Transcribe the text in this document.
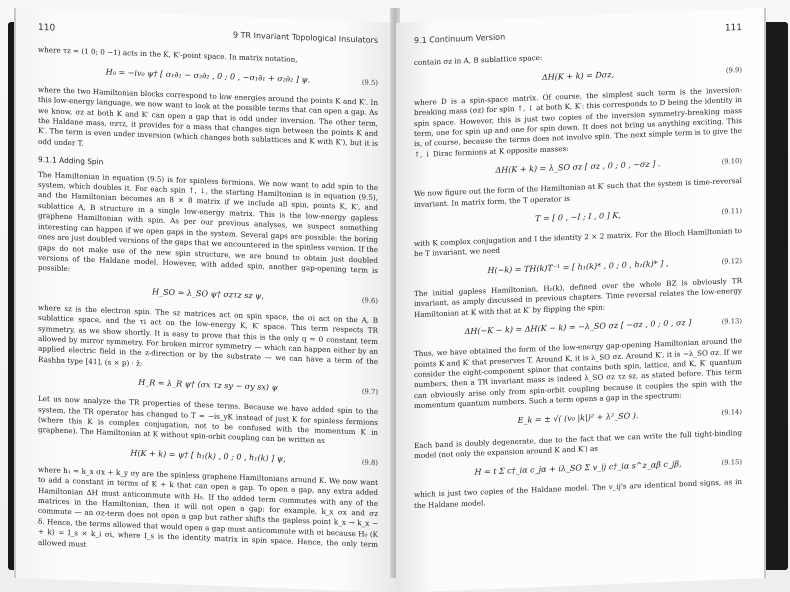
110
9 TR Invariant Topological Insulators

where τz = (1 0; 0 −1) acts in the K, K′-point space. In matrix notation,

H₀ = −iv₀ ψ† [ σ₁∂₁ − σ₂∂₂ , 0 ; 0 , −σ₁∂₁ + σ₂∂₂ ] ψ.	(9.5)

where the two Hamiltonian blocks correspond to low energies around the points K and K′. In this low-energy language, we now want to look at the possible terms that can open a gap. As we know, σz at both K and K′ can open a gap that is odd under inversion. The other term, the Haldane mass, σzτz, it provides for a mass that changes sign between the points K and K′. The term is even under inversion (which changes both sublattices and K with K′), but it is odd under T.

9.1.1 Adding Spin

The Hamiltonian in equation (9.5) is for spinless fermions. We now want to add spin to the system, which doubles it. For each spin ↑, ↓, the starting Hamiltonian is in equation (9.5), and the Hamiltonian becomes an 8 × 8 matrix if we include all spin, points K, K′, and sublattice A, B structure in a single low-energy matrix. This is the low-energy gapless graphene Hamiltonian with spin. As per our previous analyses, we suspect something interesting can happen if we open gaps in the system. Several gaps are possible: the boring ones are just doubled versions of the gaps that we encountered in the spinless version. If the gaps do not make use of the new spin structure, we are bound to obtain just doubled versions of the Haldane model. However, with added spin, another gap-opening term is possible:

H_SO = λ_SO ψ† σzτz sz ψ,
(9.6)

where sz is the electron spin. The sz matrices act on spin space, the σi act on the A, B sublattice space, and the τi act on the low-energy K, K′ space. This term respects TR symmetry, as we show shortly. It is easy to prove that this is the only q = 0 constant term allowed by mirror symmetry. For broken mirror symmetry — which can happen either by an applied electric field in the z-direction or by the substrate — we can have a term of the Rashba type [41], (s × p) · ẑ:

H_R = λ_R ψ† (σx τz sy − σy sx) ψ	(9.7)

Let us now analyze the TR properties of these terms. Because we have added spin to the system, the TR operator has changed to T = −is_yK instead of just K for spinless fermions (where this K is complex conjugation, not to be confused with the momentum K in graphene). The Hamiltonian at K without spin-orbit coupling can be written as

H(K + k) = ψ† [ h₁(k) , 0 ; 0 , h₁(k) ] ψ,	(9.8)

where h₁ = k_x σx + k_y σy are the spinless graphene Hamiltonians around K. We now want to add a constant in terms of K + k that can open a gap. To open a gap, any extra added Hamiltonian ΔH must anticommute with H₀. If the added term commutes with any of the matrices in the Hamiltonian, then it will not open a gap: for example, k_x σx and σz commute — an σz-term does not open a gap but rather shifts the gapless point k_x → k_x − δ. Hence, the terms allowed that would open a gap must anticommute with σi because H₀ (K + k) = I_s × k_i σi, where I_s is the identity matrix in spin space. Hence, the only term allowed must

9.1 Continuum Version
111

contain σz in A, B sublattice space:

ΔH(K + k) = Dσz,	(9.9)

where D is a spin-space matrix. Of course, the simplest such term is the inversion-breaking mass (σz) for spin ↑, ↓ at both K, K′: this corresponds to D being the identity in spin space. However, this is just two copies of the inversion symmetry-breaking mass term, one for spin up and one for spin down. It does not bring us anything exciting. This is, of course, because the terms does not involve spin. The next simple term is to give the ↑, ↓ Dirac fermions at K opposite masses:

ΔH(K + k) = λ_SO σz [ σz , 0 ; 0 , −σz ] .	(9.10)

We now figure out the form of the Hamiltonian at K′ such that the system is time-reversal invariant. In matrix form, the T operator is

T = [ 0 , −I ; I , 0 ] K,	(9.11)

with K complex conjugation and I the identity 2 × 2 matrix. For the Bloch Hamiltonian to be T invariant, we need

H(−k) = TH(k)T⁻¹ = [ h₁(k)* , 0 ; 0 , h₁(k)* ] ,	(9.12)

The initial gapless Hamiltonian, H₀(k), defined over the whole BZ is obviously TR invariant, as amply discussed in previous chapters. Time reversal relates the low-energy Hamiltonian at K with that at K′ by flipping the spin:

ΔH(−K − k) = ΔH(K − k) = −λ_SO σz [ −σz , 0 ; 0 , σz ]	(9.13)

Thus, we have obtained the form of the low-energy gap-opening Hamiltonian around the points K and K′ that preserves T. Around K, it is λ_SO σz. Around K′, it is −λ_SO σz. If we consider the eight-component spinor that contains both spin, lattice, and K, K′ quantum numbers, then a TR invariant mass is indeed λ_SO σz τz sz, as stated before. This term can obviously arise only from spin-orbit coupling because it couples the spin with the momentum quantum numbers. Such a term opens a gap in the spectrum:

E_k = ± √( (v₀ |k|)² + λ²_SO ).	(9.14)

Each band is doubly degenerate, due to the fact that we can write the full tight-binding model (not only the expansion around K and K′) as

H = t Σ c†_iα c_jα + iλ_SO Σ v_ij c†_iα s^z_αβ c_jβ,	(9.15)

which is just two copies of the Haldane model. The v_ij's are identical bond signs, as in the Haldane model.
